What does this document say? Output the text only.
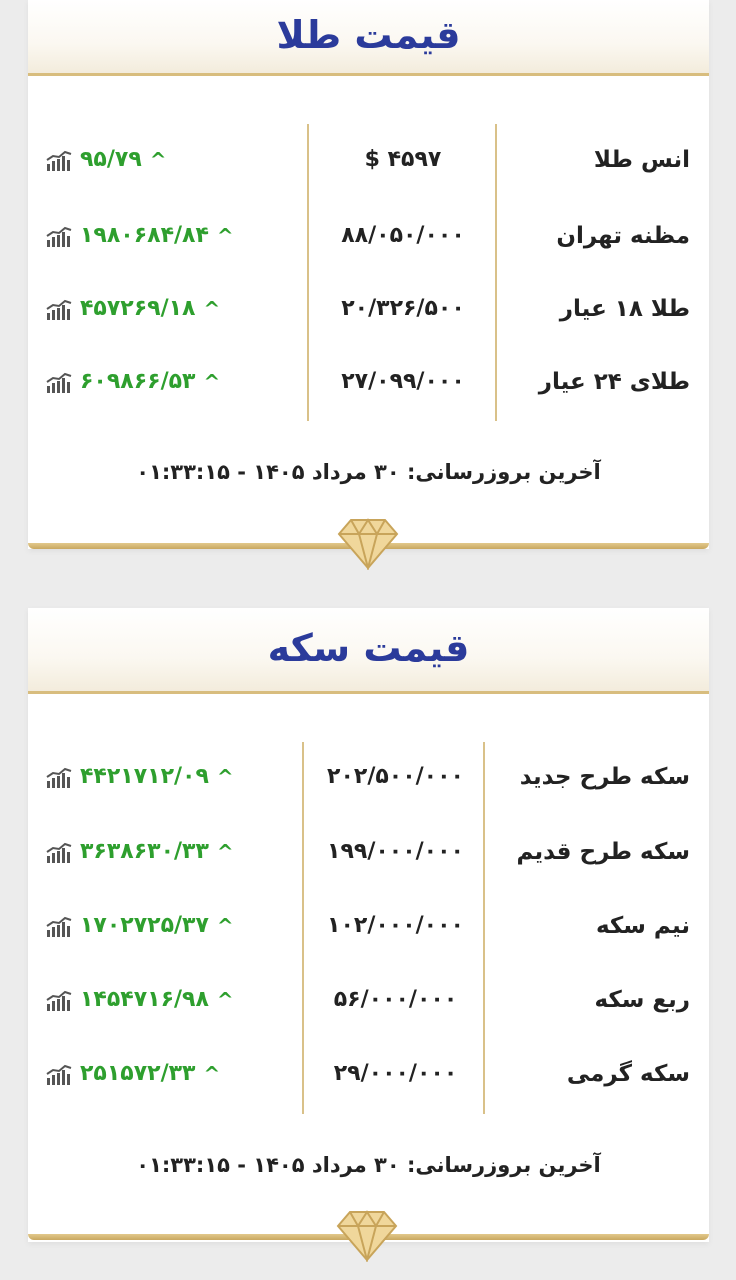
قیمت طلا
انس طلا
۴۵۹۷ $
۹۵/۷۹ ^
مظنه تهران
۸۸/۰۵۰/۰۰۰
۱۹۸۰۶۸۴/۸۴ ^
طلا ۱۸ عیار
۲۰/۳۲۶/۵۰۰
۴۵۷۲۶۹/۱۸ ^
طلای ۲۴ عیار
۲۷/۰۹۹/۰۰۰
۶۰۹۸۶۶/۵۳ ^
آخرین بروزرسانی: ۳۰ مرداد ۱۴۰۵ - ۰۱:۳۳:۱۵
قیمت سکه
سکه طرح جدید
۲۰۲/۵۰۰/۰۰۰
۴۴۲۱۷۱۲/۰۹ ^
سکه طرح قدیم
۱۹۹/۰۰۰/۰۰۰
۳۶۳۸۶۳۰/۳۳ ^
نیم سکه
۱۰۲/۰۰۰/۰۰۰
۱۷۰۲۷۲۵/۳۷ ^
ربع سکه
۵۶/۰۰۰/۰۰۰
۱۴۵۴۷۱۶/۹۸ ^
سکه گرمی
۲۹/۰۰۰/۰۰۰
۲۵۱۵۷۲/۳۳ ^
آخرین بروزرسانی: ۳۰ مرداد ۱۴۰۵ - ۰۱:۳۳:۱۵
